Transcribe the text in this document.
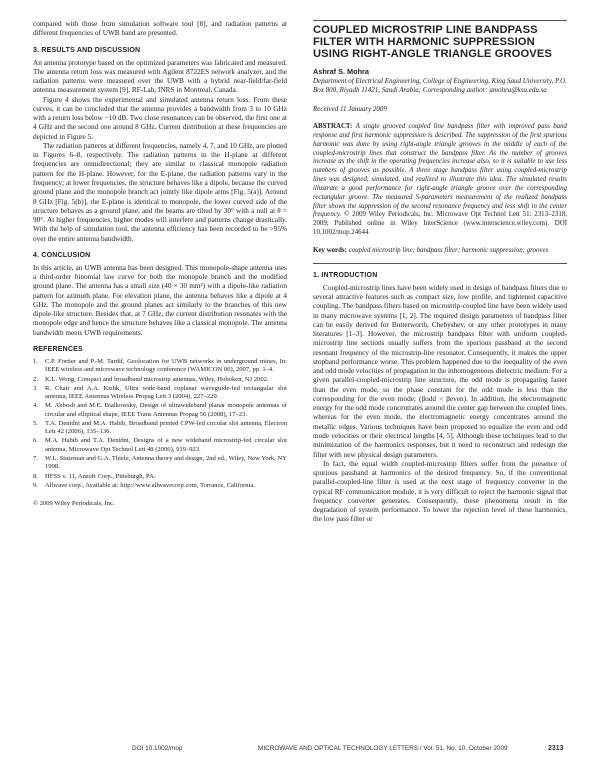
compared with those from simulation software tool [8], and radiation patterns at different frequencies of UWB band are presented.

3. RESULTS AND DISCUSSION

An antenna prototype based on the optimized parameters was fabricated and measured. The antenna return loss was measured with Agilent 8722ES network analyzer, and the radiation patterns were measured over the UWB with a hybrid near-field/far-field antenna measurement system [9], RF-Lab, INRS in Montreal, Canada.

Figure 4 shows the experimental and simulated antenna return loss. From these curves, it can be concluded that the antenna provides a bandwidth from 3 to 10 GHz with a return loss below −10 dB. Two close resonances can be observed, the first one at 4 GHz and the second one around 8 GHz. Current distribution at these frequencies are depicted in Figure 5.

The radiation patterns at different frequencies, namely 4, 7, and 10 GHz, are plotted in Figures 6–8, respectively. The radiation patterns in the H-plane at different frequencies are omnidirectional; they are similar to classical monopole radiation pattern for the H-plane. However, for the E-plane, the radiation patterns vary in the frequency; at lower frequencies, the structure behaves like a dipole, because the curved ground plane and the monopole branch act jointly like dipole arms [Fig. 5(a)]. Around 8 GHz [Fig. 5(b)], the E-plane is identical to monopole, the lower curved side of the structure behaves as a ground plane, and the beams are tilted by 30° with a null at θ = 90°. At higher frequencies, higher modes will interfere and patterns change drastically. With the help of simulation tool, the antenna efficiency has been recorded to be >95% over the entire antenna bandwidth.

4. CONCLUSION

In this article, an UWB antenna has been designed. This monopole-shape antenna uses a third-order binomial law curve for both the monopole branch and the modified ground plane. The antenna has a small size (40 × 30 mm²) with a dipole-like radiation pattern for azimuth plane. For elevation plane, the antenna behaves like a dipole at 4 GHz. The monopole and the ground planes act similarly to the branches of this new dipole-like structure. Besides that, at 7 GHz, the current distribution resonates with the monopole edge and hence the structure behaves like a classical monopole. The antenna bandwidth meets UWB requirements.

REFERENCES
1.	C.P. Fortier and P.-M. Tardif, Geolocation for UWB networks in underground mines, In: IEEE wireless and microwave technology conference (WAMICON 06), 2007, pp. 1–4.
2.	K.L. Wong, Compact and broadband microstrip antennas, Wiley, Hoboken, NJ 2002.
3.	R. Chair and A.A. Kishk, Ultra wide-band coplanar waveguide-fed rectangular slot antenna, IEEE Antennas Wireless Propag Lett 3 (2004), 227–229.
4.	M. Abbosh and M.E. Bialkowsky, Design of ultrawideband planar monopole antennas of circular and elliptical shape, IEEE Trans Antennas Propag 56 (2008), 17–23.
5.	T.A. Denidni and M.A. Habib, Broadband printed CPW-fed circular slot antenna, Electron Lett 42 (2006), 135–136.
6.	M.A. Habib and T.A. Denidni, Designs of a new wideband microstrip-fed circular slot antenna, Microwave Opt Technol Lett 48 (2006), 919–923.
7.	W.L. Stutzman and G.A. Thiele, Antenna theory and design, 2nd ed., Wiley, New York, NY 1998.
8.	HFSS v. 11, Ansoft Corp., Pittsburgh, PA.
9.	Allwave corp., Available at: http://www.allwavecorp.com, Torrance, California.
© 2009 Wiley Periodicals, Inc.
COUPLED MICROSTRIP LINE BANDPASS FILTER WITH HARMONIC SUPPRESSION USING RIGHT-ANGLE TRIANGLE GROOVES
Ashraf S. Mohra
Department of Electrical Engineering, College of Engineering, King Saud University, P.O. Box 800, Riyadh 11421, Saudi Arabia; Corresponding author: amohra@ksu.edu.sa
Received 11 January 2009
ABSTRACT: A single grooved coupled line bandpass filter with improved pass band response and first harmonic suppression is described. The suppression of the first spurious harmonic was done by using right-angle triangle grooves in the middle of each of the coupled-microstrip lines that construct the bandpass filter. As the number of grooves increase as the shift in the operating frequencies increase also, so it is suitable to use less numbers of grooves as possible. A three stage bandpass filter using coupled-microstrip lines was designed, simulated, and realized to illustrate this idea. The simulated results illustrate a good performance for right-angle triangle groove over the corresponding rectangular groove. The measured S-parameters measurement of the realized bandpass filter shows the suppression of the second resonance frequency and less shift in the center frequency. © 2009 Wiley Periodicals, Inc. Microwave Opt Technol Lett 51: 2313–2318, 2009; Published online in Wiley InterScience (www.interscience.wiley.com). DOI 10.1002/mop.24644
Key words: coupled microstrip line; bandpass filter; harmonic suppression; grooves
1. INTRODUCTION

Coupled-microstrip lines have been widely used in design of bandpass filters due to several attractive features such as compact size, low profile, and tightened capacitive coupling. The bandpass filters based on microstrip-coupled line have been widely used in many microwave systems [1, 2]. The required design parameters of bandpass filter can be easily derived for Butterworth, Chebyshev, or any other prototypes in many literatures [1–3]. However, the microstrip bandpass filter with uniform coupled-microstrip line sections usually suffers from the spurious passband at the second resonant frequency of the microstrip-line resonator. Consequently, it makes the upper stopband performance worse. This problem happened due to the inequality of the even and odd mode velocities of propagation in the inhomogeneous dielectric medium. For a given parallel-coupled-microstrip line structure, the odd mode is propagating faster than the even mode, so the phase constant for the odd mode is less than the corresponding for the even mode; (βodd < βeven). In addition, the electromagnetic energy for the odd mode concentrates around the center gap between the coupled lines, whereas for the even mode, the electromagnetic energy concentrates around the metallic edges. Various techniques have been proposed to equalize the even and odd mode velocities or their electrical lengths [4, 5]. Although these techniques lead to the minimization of the harmonics responses, but it need to reconstruct and redesign the filter with new physical design parameters.

In fact, the equal width coupled-microstrip filters suffer from the presence of spurious passband at harmonics of the desired frequency. So, if the conventional parallel-coupled-line filter is used at the next stage of frequency converter in the typical RF communication module, it is very difficult to reject the harmonic signal that frequency converter generates. Consequently, these phenomena result in the degradation of system performance. To lower the rejection level of these harmonics, the low pass filter or

DOI 10.1002/mop	MICROWAVE AND OPTICAL TECHNOLOGY LETTERS / Vol. 51, No. 10, October 2009	2313
